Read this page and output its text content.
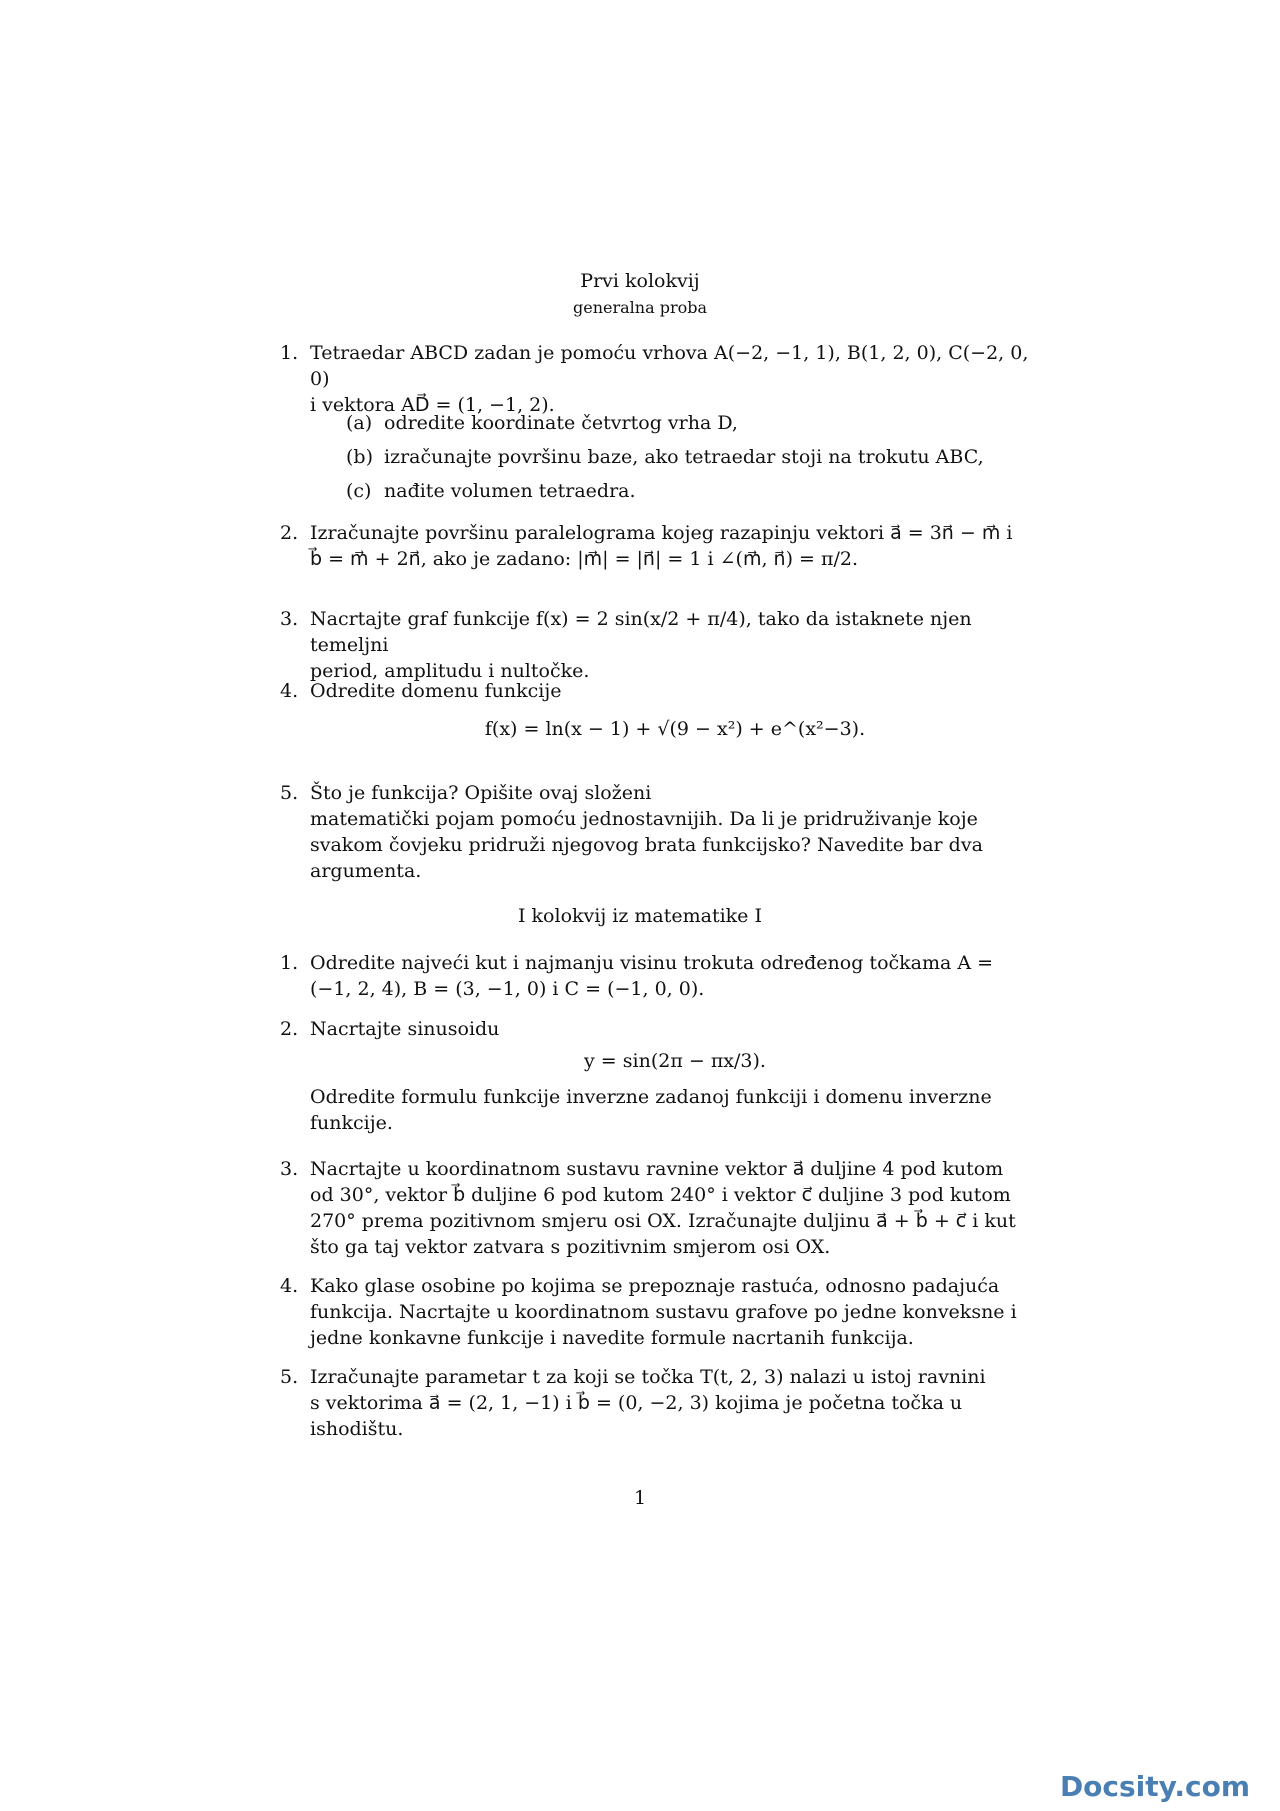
Prvi kolokvij
generalna proba
1. Tetraedar ABCD zadan je pomoću vrhova A(−2, −1, 1), B(1, 2, 0), C(−2, 0, 0)
i vektora AD⃗ = (1, −1, 2).
(a) odredite koordinate četvrtog vrha D,
(b) izračunajte površinu baze, ako tetraedar stoji na trokutu ABC,
(c) nađite volumen tetraedra.
2. Izračunajte površinu paralelograma kojeg razapinju vektori a⃗ = 3n⃗ − m⃗ i
b⃗ = m⃗ + 2n⃗, ako je zadano: |m⃗| = |n⃗| = 1 i ∠(m⃗, n⃗) = π/2.
3. Nacrtajte graf funkcije f(x) = 2 sin(x/2 + π/4), tako da istaknete njen temeljni
period, amplitudu i nultočke.
4. Odredite domenu funkcije
f(x) = ln(x − 1) + √(9 − x²) + e^(x²−3).
5. Što je funkcija? Opišite ovaj složeni
matematički pojam pomoću jednostavnijih. Da li je pridruživanje koje
svakom čovjeku pridruži njegovog brata funkcijsko? Navedite bar dva
argumenta.
I kolokvij iz matematike I
1. Odredite najveći kut i najmanju visinu trokuta određenog točkama A =
(−1, 2, 4), B = (3, −1, 0) i C = (−1, 0, 0).
2. Nacrtajte sinusoidu
y = sin(2π − πx/3).
Odredite formulu funkcije inverzne zadanoj funkciji i domenu inverzne
funkcije.
3. Nacrtajte u koordinatnom sustavu ravnine vektor a⃗ duljine 4 pod kutom
od 30°, vektor b⃗ duljine 6 pod kutom 240° i vektor c⃗ duljine 3 pod kutom
270° prema pozitivnom smjeru osi OX. Izračunajte duljinu a⃗ + b⃗ + c⃗ i kut
što ga taj vektor zatvara s pozitivnim smjerom osi OX.
4. Kako glase osobine po kojima se prepoznaje rastuća, odnosno padajuća
funkcija. Nacrtajte u koordinatnom sustavu grafove po jedne konveksne i
jedne konkavne funkcije i navedite formule nacrtanih funkcija.
5. Izračunajte parametar t za koji se točka T(t, 2, 3) nalazi u istoj ravnini
s vektorima a⃗ = (2, 1, −1) i b⃗ = (0, −2, 3) kojima je početna točka u
ishodištu.
1
Docsity.com
